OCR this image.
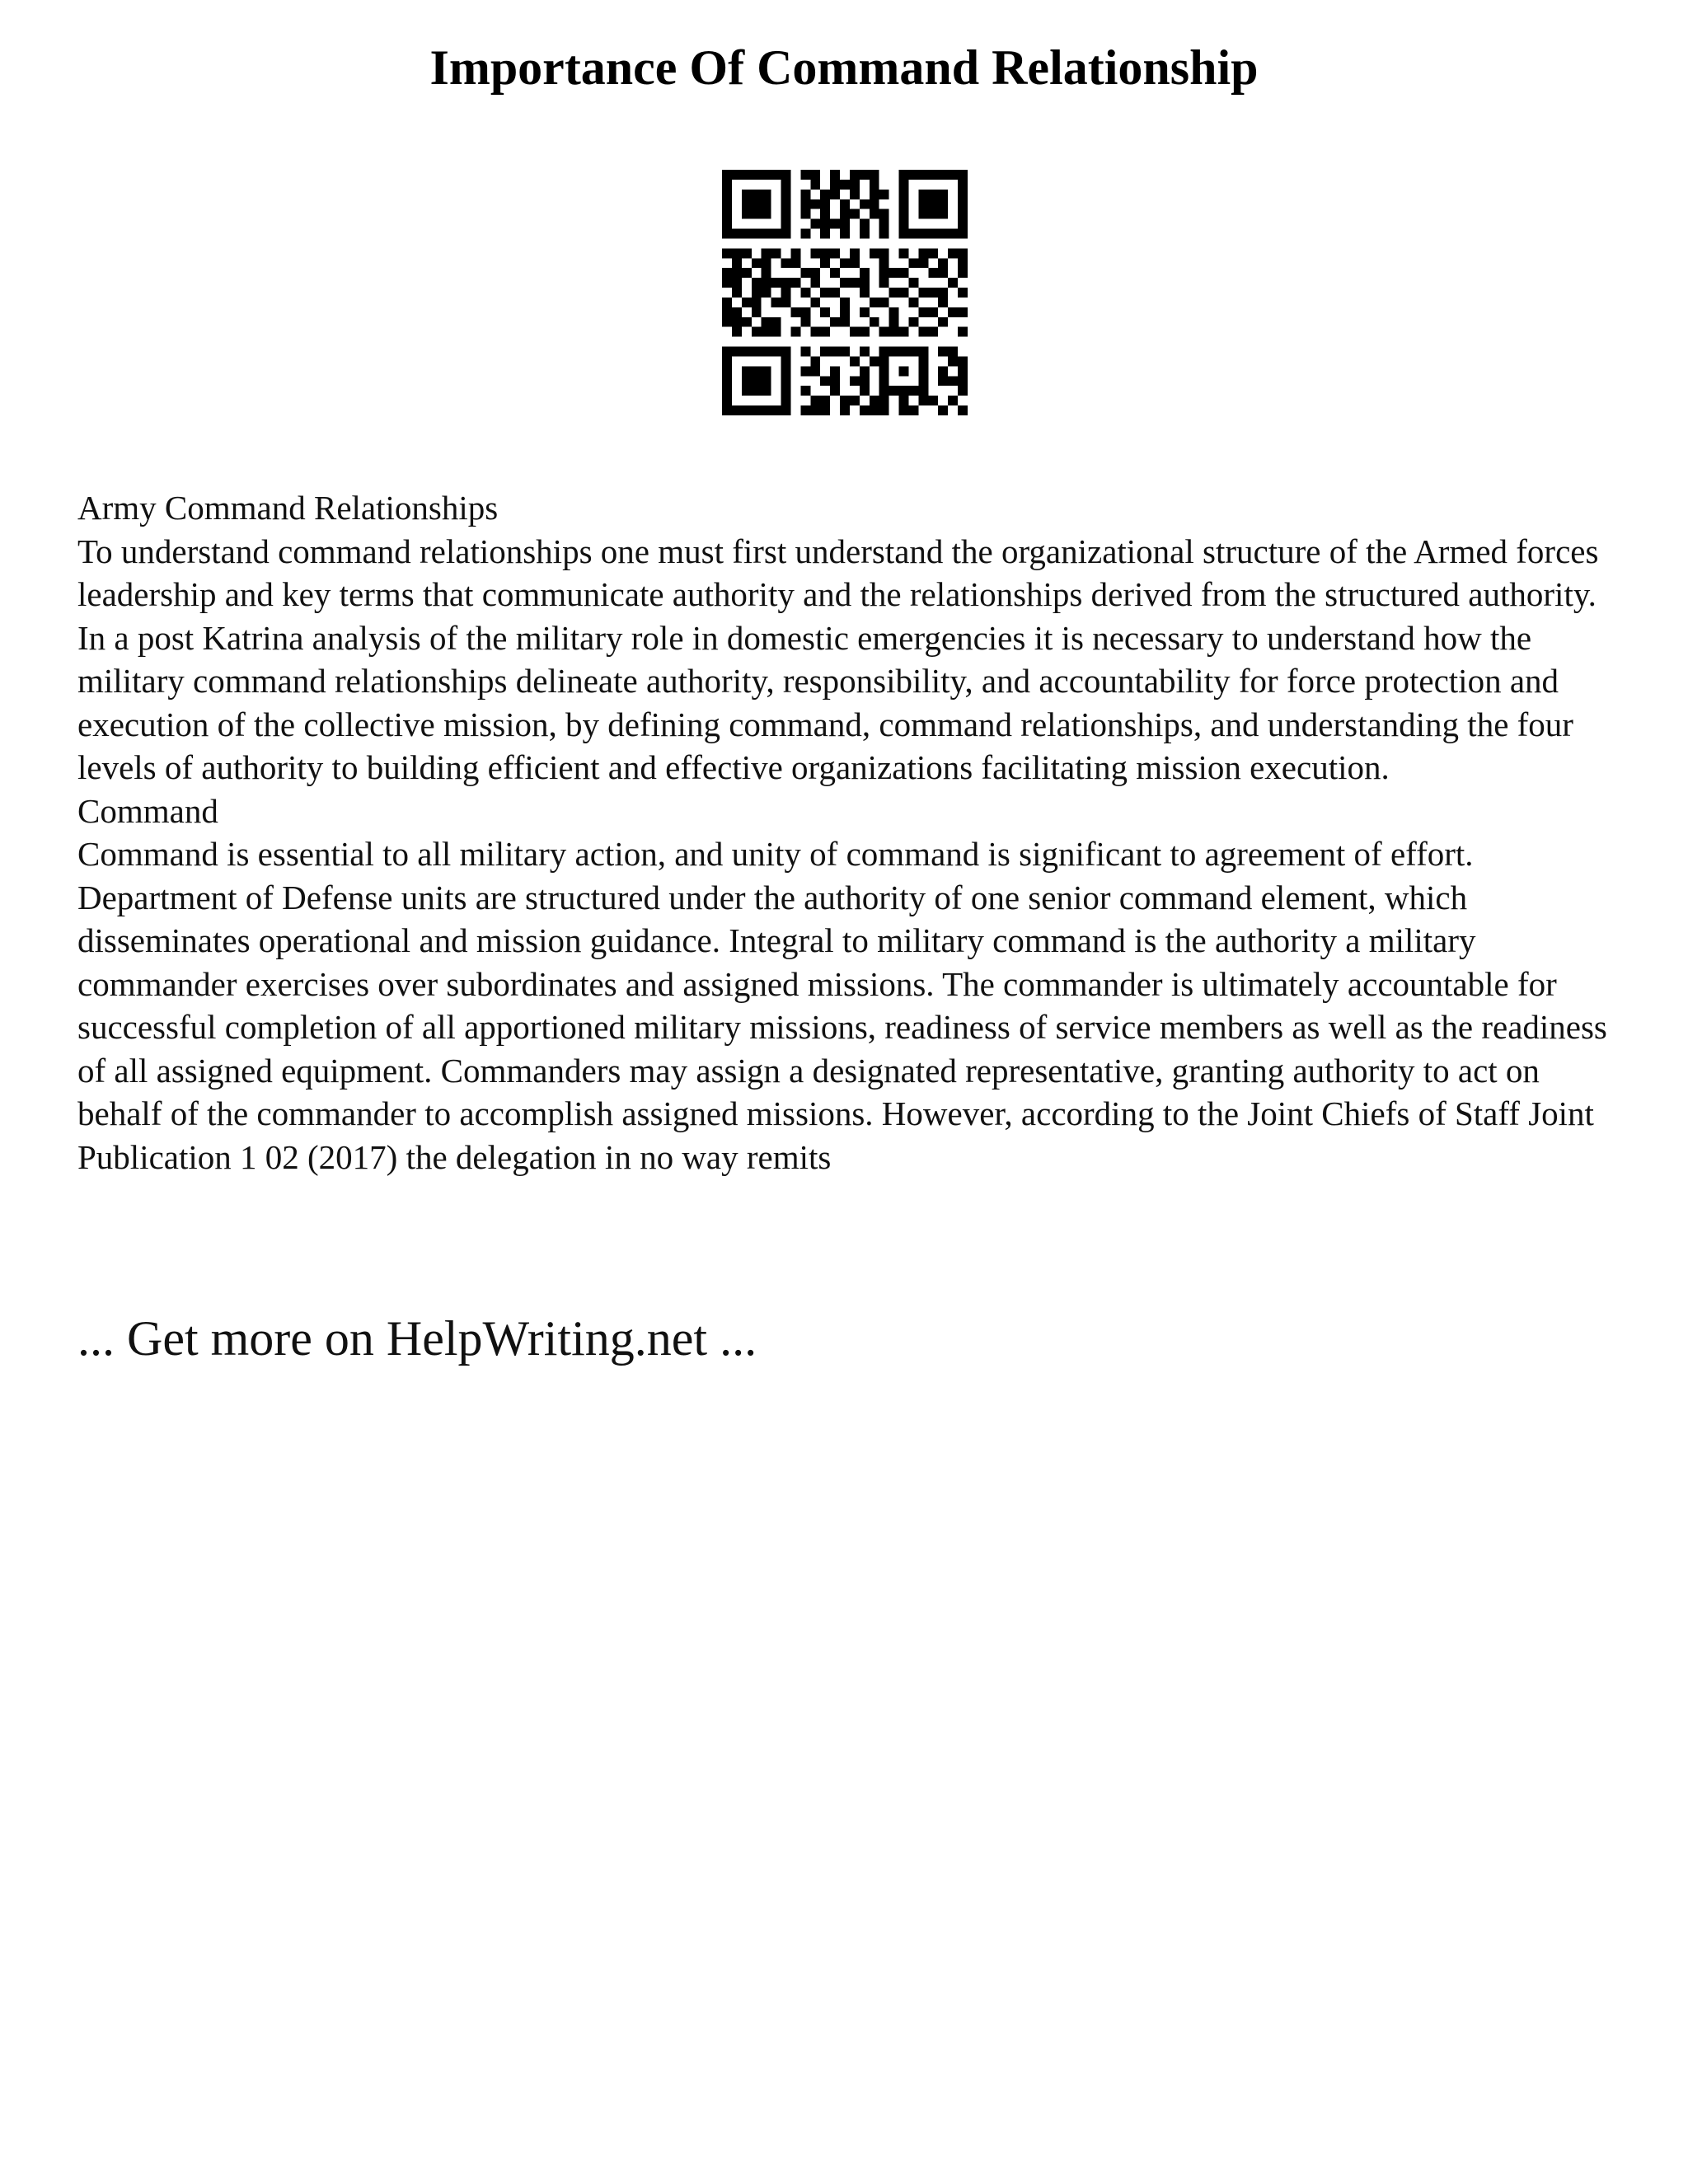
Importance Of Command Relationship

Army Command Relationships

To understand command relationships one must first understand the organizational structure of the Armed forces leadership and key terms that communicate authority and the relationships derived from the structured authority. In a post Katrina analysis of the military role in domestic emergencies it is necessary to understand how the military command relationships delineate authority, responsibility, and accountability for force protection and execution of the collective mission, by defining command, command relationships, and understanding the four levels of authority to building efficient and effective organizations facilitating mission execution.

Command

Command is essential to all military action, and unity of command is significant to agreement of effort. Department of Defense units are structured under the authority of one senior command element, which disseminates operational and mission guidance. Integral to military command is the authority a military commander exercises over subordinates and assigned missions. The commander is ultimately accountable for successful completion of all apportioned military missions, readiness of service members as well as the readiness of all assigned equipment. Commanders may assign a designated representative, granting authority to act on behalf of the commander to accomplish assigned missions. However, according to the Joint Chiefs of Staff Joint Publication 1 02 (2017) the delegation in no way remits

... Get more on HelpWriting.net ...
